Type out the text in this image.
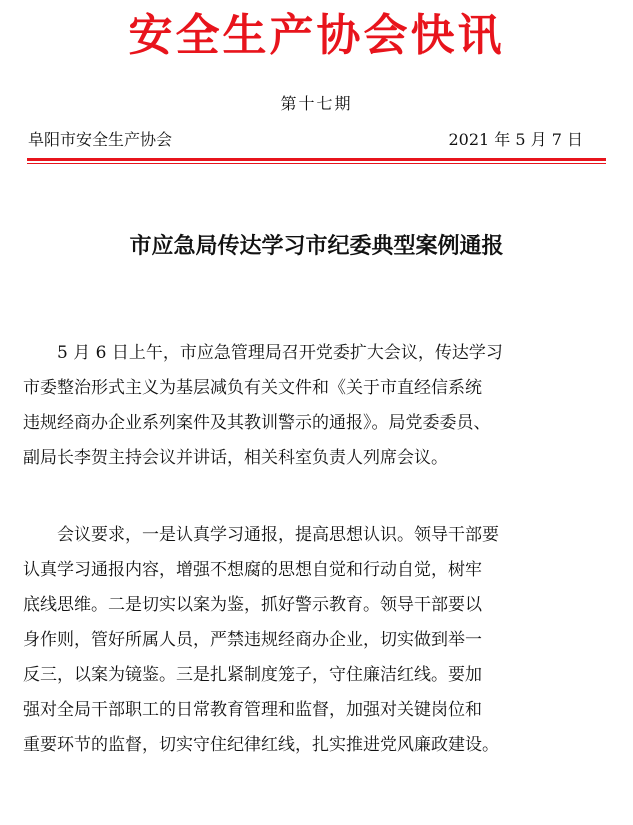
安全生产协会快讯
第十七期
阜阳市安全生产协会	2021 年 5 月 7 日
市应急局传达学习市纪委典型案例通报

5 月 6 日上午，市应急管理局召开党委扩大会议，传达学习
市委整治形式主义为基层减负有关文件和《关于市直经信系统
违规经商办企业系列案件及其教训警示的通报》。局党委委员、
副局长李贺主持会议并讲话，相关科室负责人列席会议。

会议要求，一是认真学习通报，提高思想认识。领导干部要
认真学习通报内容，增强不想腐的思想自觉和行动自觉，树牢
底线思维。二是切实以案为鉴，抓好警示教育。领导干部要以
身作则，管好所属人员，严禁违规经商办企业，切实做到举一
反三，以案为镜鉴。三是扎紧制度笼子，守住廉洁红线。要加
强对全局干部职工的日常教育管理和监督，加强对关键岗位和
重要环节的监督，切实守住纪律红线，扎实推进党风廉政建设。
